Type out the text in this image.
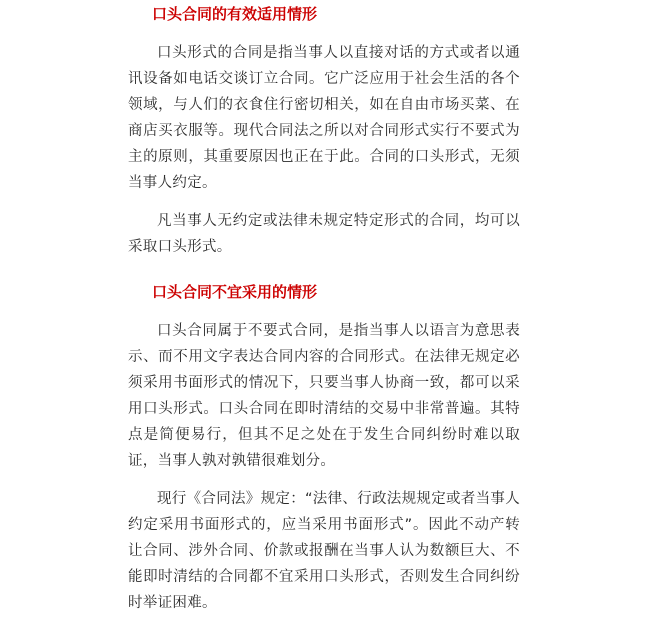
口头合同的有效适用情形

口头形式的合同是指当事人以直接对话的方式或者以通讯设备如电话交谈订立合同。它广泛应用于社会生活的各个领域，与人们的衣食住行密切相关，如在自由市场买菜、在商店买衣服等。现代合同法之所以对合同形式实行不要式为主的原则，其重要原因也正在于此。合同的口头形式，无须当事人约定。

凡当事人无约定或法律未规定特定形式的合同，均可以采取口头形式。

口头合同不宜采用的情形

口头合同属于不要式合同，是指当事人以语言为意思表示、而不用文字表达合同内容的合同形式。在法律无规定必须采用书面形式的情况下，只要当事人协商一致，都可以采用口头形式。口头合同在即时清结的交易中非常普遍。其特点是简便易行，但其不足之处在于发生合同纠纷时难以取证，当事人孰对孰错很难划分。

现行《合同法》规定：“法律、行政法规规定或者当事人约定采用书面形式的，应当采用书面形式”。因此不动产转让合同、涉外合同、价款或报酬在当事人认为数额巨大、不能即时清结的合同都不宜采用口头形式，否则发生合同纠纷时举证困难。
